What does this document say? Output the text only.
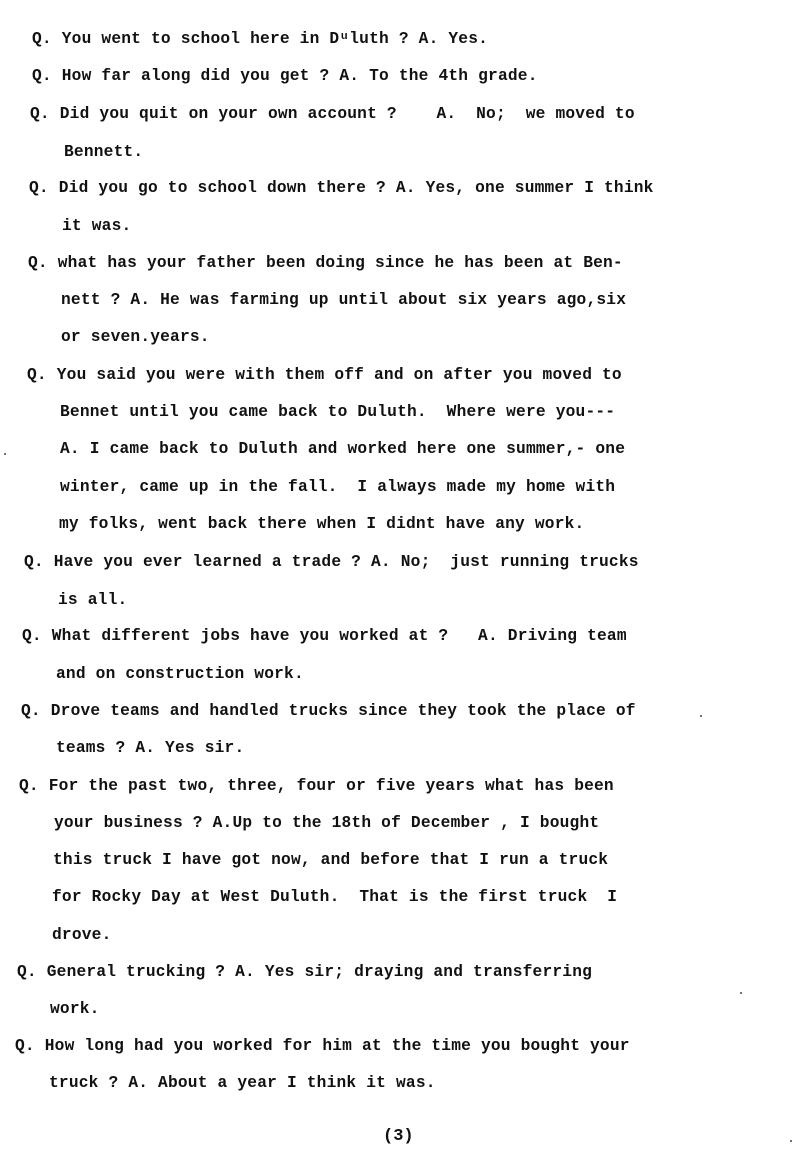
(3)
Q. You went to school here in Dᵘluth ? A. Yes.
Q. How far along did you get ? A. To the 4th grade.
Q. Did you quit on your own account ?    A.  No;  we moved to
Bennett.
Q. Did you go to school down there ? A. Yes, one summer I think
it was.
Q. what has your father been doing since he has been at Ben-
nett ? A. He was farming up until about six years ago,six
or seven.years.
Q. You said you were with them off and on after you moved to
Bennet until you came back to Duluth.  Where were you---
A. I came back to Duluth and worked here one summer,- one
winter, came up in the fall.  I always made my home with
my folks, went back there when I didnt have any work.
Q. Have you ever learned a trade ? A. No;  just running trucks
is all.
Q. What different jobs have you worked at ?   A. Driving team
and on construction work.
Q. Drove teams and handled trucks since they took the place of
teams ? A. Yes sir.
Q. For the past two, three, four or five years what has been
your business ? A.Up to the 18th of December , I bought
this truck I have got now, and before that I run a truck
for Rocky Day at West Duluth.  That is the first truck  I
drove.
Q. General trucking ? A. Yes sir; draying and transferring
work.
Q. How long had you worked for him at the time you bought your
truck ? A. About a year I think it was.
